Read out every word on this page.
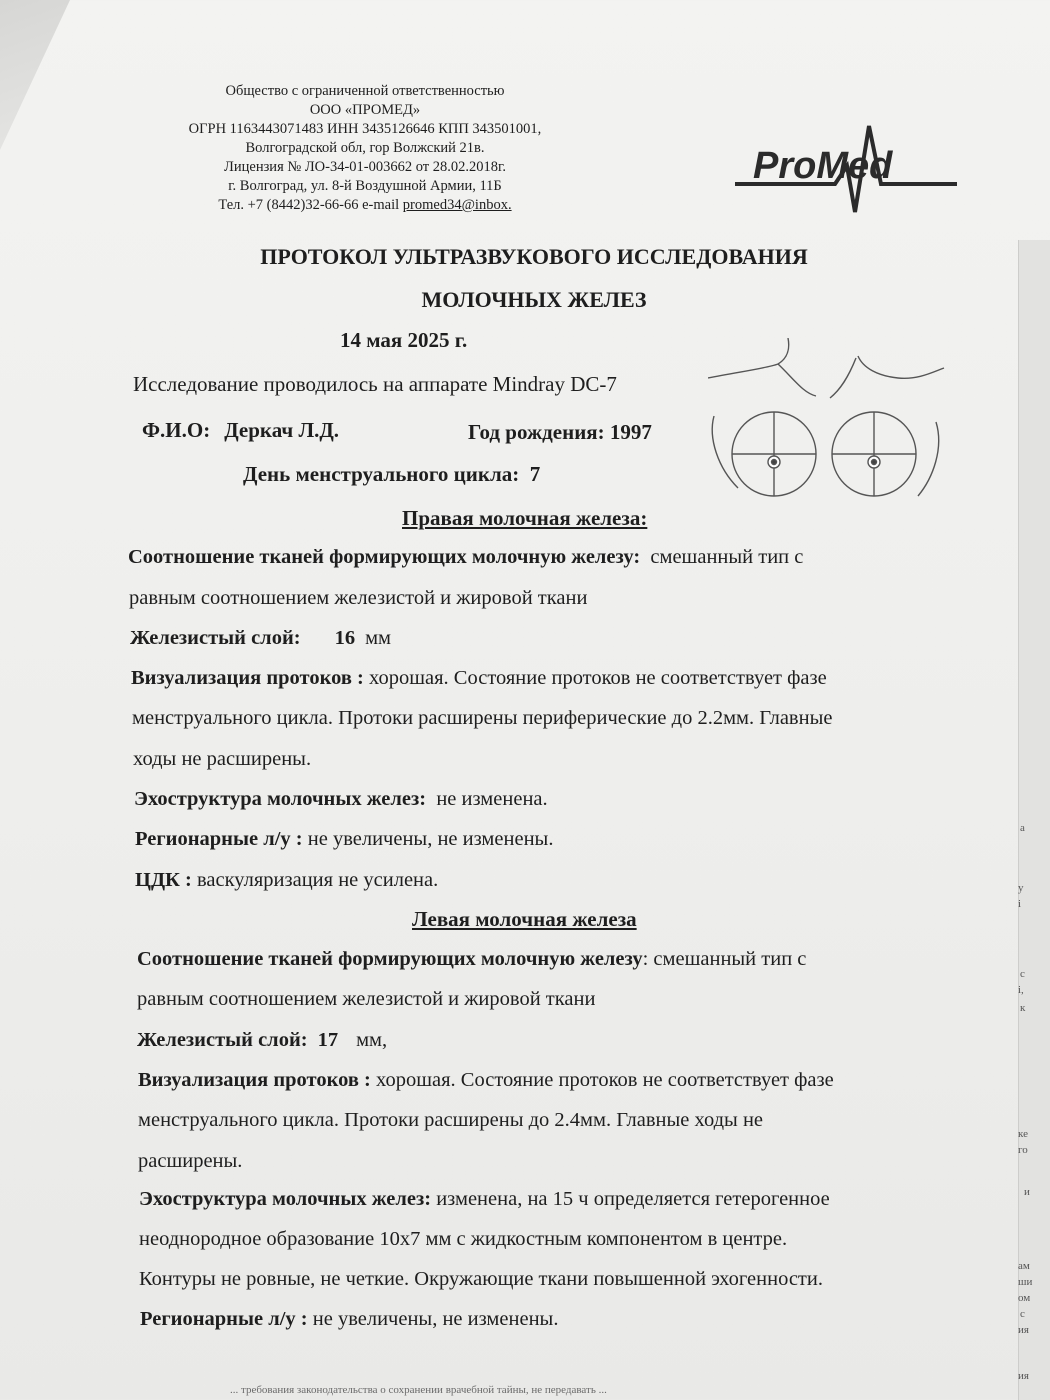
Общество с ограниченной ответственностью
ООО «ПРОМЕД»
ОГРН 1163443071483 ИНН 3435126646 КПП 343501001,
Волгоградской обл, гор Волжский 21в.
Лицензия № ЛО-34-01-003662 от 28.02.2018г.
г. Волгоград, ул. 8-й Воздушной Армии, 11Б
Тел. +7 (8442)32-66-66 e-mail promed34@inbox.
ProMed
ПРОТОКОЛ УЛЬТРАЗВУКОВОГО ИССЛЕДОВАНИЯ
МОЛОЧНЫХ ЖЕЛЕЗ
14 мая 2025 г.
Исследование проводилось на аппарате Mindray DC-7
Ф.И.О: Деркач Л.Д.	Год рождения: 1997
День менструального цикла: 7
Правая молочная железа:
Соотношение тканей формирующих молочную железу: смешанный тип с
равным соотношением железистой и жировой ткани
Железистый слой: 16 мм
Визуализация протоков : хорошая. Состояние протоков не соответствует фазе
менструального цикла. Протоки расширены периферические до 2.2мм. Главные
ходы не расширены.
Эхоструктура молочных желез: не изменена.
Регионарные л/у : не увеличены, не изменены.
ЦДК : васкуляризация не усилена.
Левая молочная железа
Соотношение тканей формирующих молочную железу: смешанный тип с
равным соотношением железистой и жировой ткани
Железистый слой: 17 мм,
Визуализация протоков : хорошая. Состояние протоков не соответствует фазе
менструального цикла. Протоки расширены до 2.4мм. Главные ходы не
расширены.
Эхоструктура молочных желез: изменена, на 15 ч определяется гетерогенное
неоднородное образование 10х7 мм с жидкостным компонентом в центре.
Контуры не ровные, не четкие. Окружающие ткани повышенной эхогенности.
Регионарные л/у : не увеличены, не изменены.
... требования законодательства о сохранении врачебной тайны, не передавать ...
а
у
і
с
і,
к
ке
го
и
ам
ши
ом
с
ия
ия
